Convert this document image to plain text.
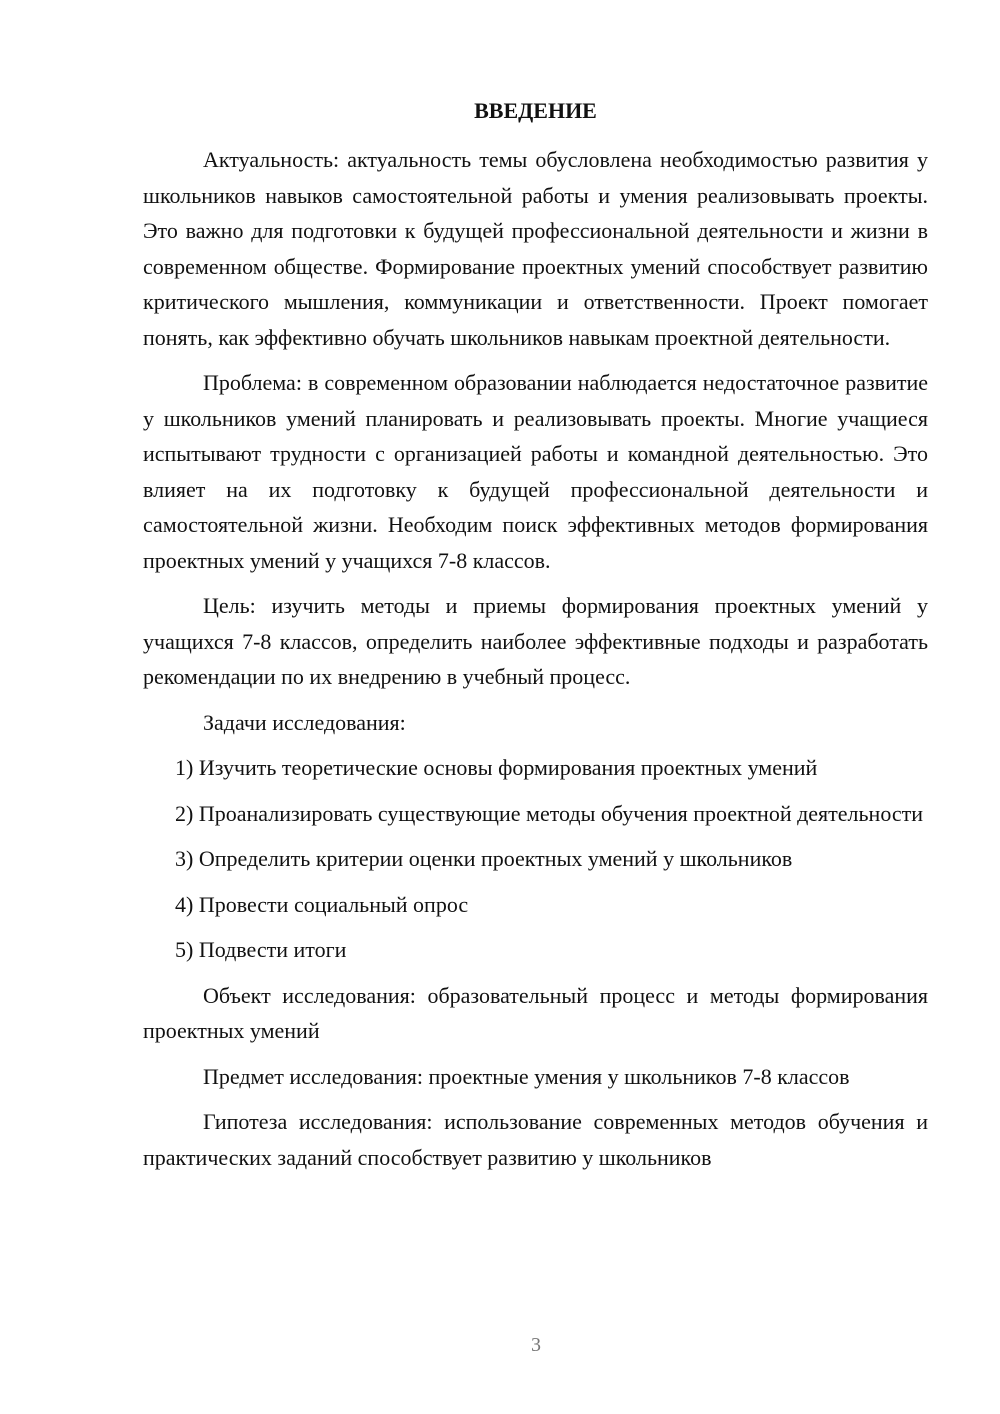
ВВЕДЕНИЕ

Актуальность: актуальность темы обусловлена необходимостью развития у школьников навыков самостоятельной работы и умения реализовывать проекты. Это важно для подготовки к будущей профессиональной деятельности и жизни в современном обществе. Формирование проектных умений способствует развитию критического мышления, коммуникации и ответственности. Проект помогает понять, как эффективно обучать школьников навыкам проектной деятельности.

Проблема: в современном образовании наблюдается недостаточное развитие у школьников умений планировать и реализовывать проекты. Многие учащиеся испытывают трудности с организацией работы и командной деятельностью. Это влияет на их подготовку к будущей профессиональной деятельности и самостоятельной жизни. Необходим поиск эффективных методов формирования проектных умений у учащихся 7-8 классов.

Цель: изучить методы и приемы формирования проектных умений у учащихся 7-8 классов, определить наиболее эффективные подходы и разработать рекомендации по их внедрению в учебный процесс.

Задачи исследования:

1) Изучить теоретические основы формирования проектных умений

2) Проанализировать существующие методы обучения проектной деятельности

3) Определить критерии оценки проектных умений у школьников

4) Провести социальный опрос

5) Подвести итоги

Объект исследования: образовательный процесс и методы формирования проектных умений

Предмет исследования: проектные умения у школьников 7-8 классов

Гипотеза исследования: использование современных методов обучения и практических заданий способствует развитию у школьников

3
